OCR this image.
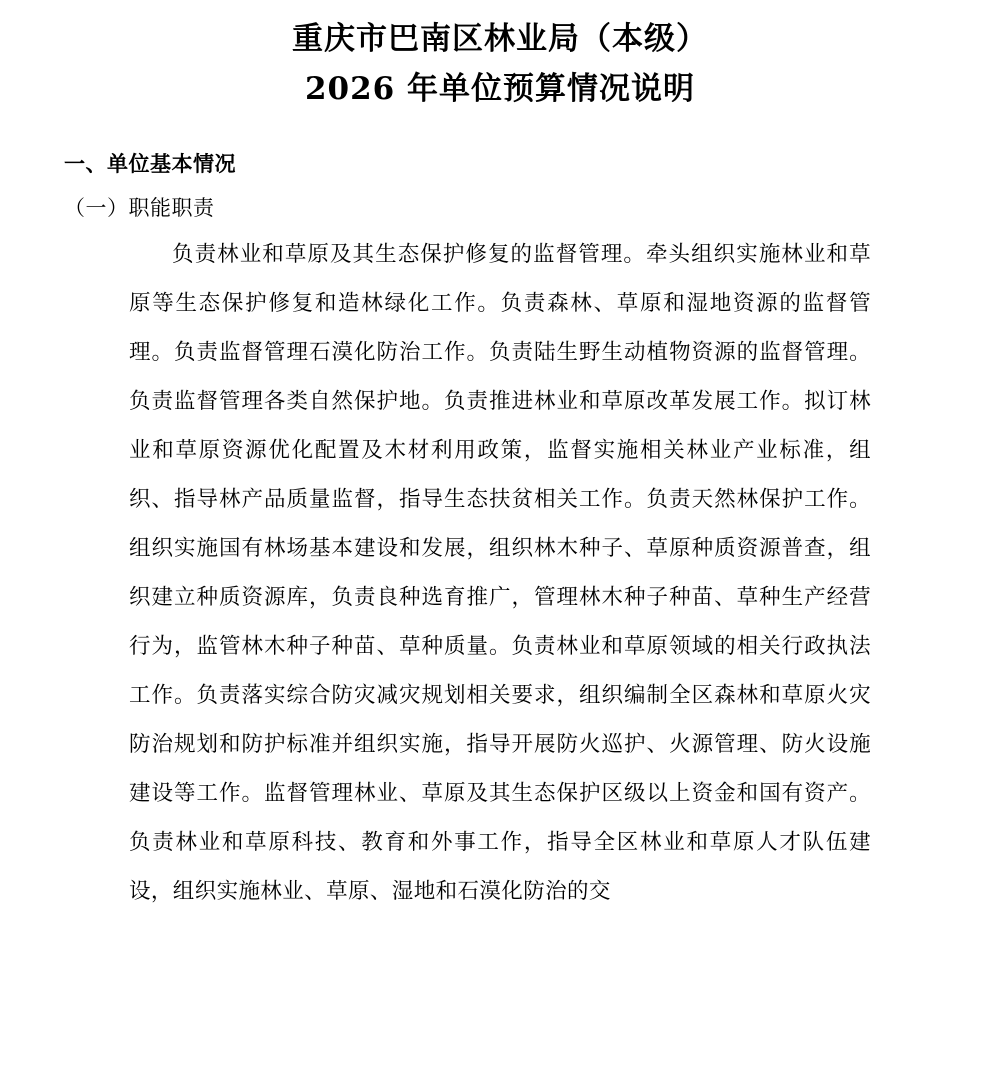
重庆市巴南区林业局（本级）
2026 年单位预算情况说明
一、单位基本情况
（一）职能职责

负责林业和草原及其生态保护修复的监督管理。牵头组织实施林业和草原等生态保护修复和造林绿化工作。负责森林、草原和湿地资源的监督管理。负责监督管理石漠化防治工作。负责陆生野生动植物资源的监督管理。负责监督管理各类自然保护地。负责推进林业和草原改革发展工作。拟订林业和草原资源优化配置及木材利用政策，监督实施相关林业产业标准，组织、指导林产品质量监督，指导生态扶贫相关工作。负责天然林保护工作。组织实施国有林场基本建设和发展，组织林木种子、草原种质资源普查，组织建立种质资源库，负责良种选育推广，管理林木种子种苗、草种生产经营行为，监管林木种子种苗、草种质量。负责林业和草原领域的相关行政执法工作。负责落实综合防灾减灾规划相关要求，组织编制全区森林和草原火灾防治规划和防护标准并组织实施，指导开展防火巡护、火源管理、防火设施建设等工作。监督管理林业、草原及其生态保护区级以上资金和国有资产。负责林业和草原科技、教育和外事工作，指导全区林业和草原人才队伍建设，组织实施林业、草原、湿地和石漠化防治的交
